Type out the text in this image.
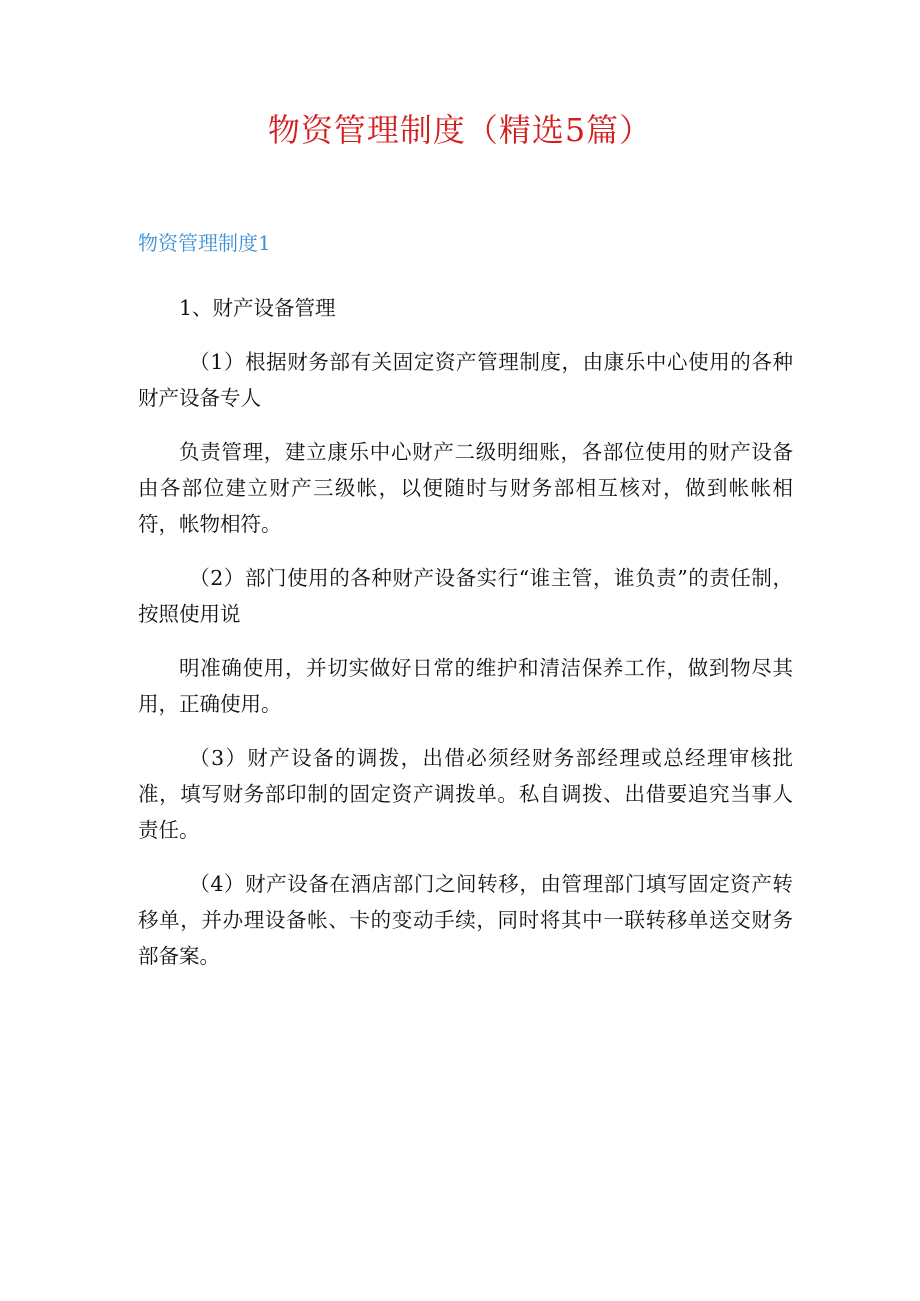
物资管理制度（精选5篇）
物资管理制度1

1、财产设备管理

（1）根据财务部有关固定资产管理制度，由康乐中心使用的各种财产设备专人

负责管理，建立康乐中心财产二级明细账，各部位使用的财产设备由各部位建立财产三级帐，以便随时与财务部相互核对，做到帐帐相符，帐物相符。

（2）部门使用的各种财产设备实行“谁主管，谁负责”的责任制，按照使用说

明准确使用，并切实做好日常的维护和清洁保养工作，做到物尽其用，正确使用。

（3）财产设备的调拨，出借必须经财务部经理或总经理审核批准，填写财务部印制的固定资产调拨单。私自调拨、出借要追究当事人责任。

（4）财产设备在酒店部门之间转移，由管理部门填写固定资产转移单，并办理设备帐、卡的变动手续，同时将其中一联转移单送交财务部备案。
